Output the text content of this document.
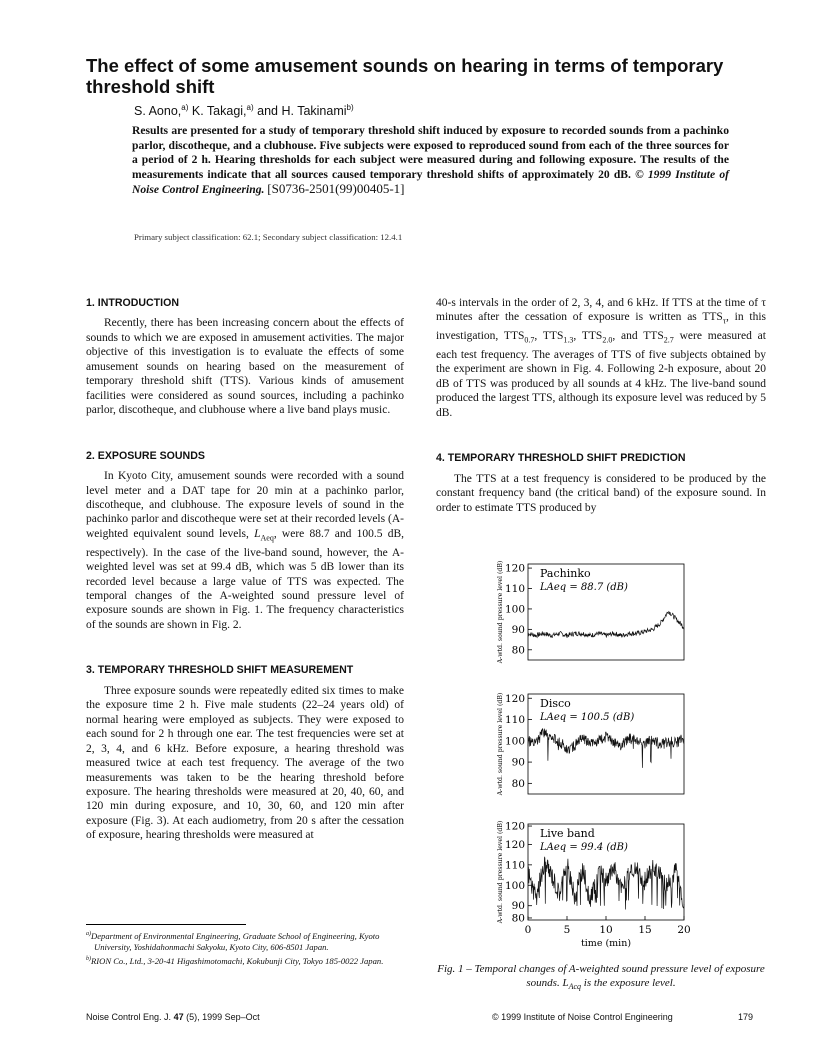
The effect of some amusement sounds on hearing in terms of temporary threshold shift
S. Aono,$^{a)}$ K. Takagi,$^{a)}$ and H. Takinami$^{b)}$
Results are presented for a study of temporary threshold shift induced by exposure to recorded sounds from a pachinko parlor, discotheque, and a clubhouse. Five subjects were exposed to reproduced sound from each of the three sources for a period of 2 h. Hearing thresholds for each subject were measured during and following exposure. The results of the measurements indicate that all sources caused temporary threshold shifts of approximately 20 dB. © 1999 Institute of Noise Control Engineering. [S0736-2501(99)00405-1]
Primary subject classification: 62.1; Secondary subject classification: 12.4.1
1. INTRODUCTION

Recently, there has been increasing concern about the effects of sounds to which we are exposed in amusement activities. The major objective of this investigation is to evaluate the effects of some amusement sounds on hearing based on the measurement of temporary threshold shift (TTS). Various kinds of amusement facilities were considered as sound sources, including a pachinko parlor, discotheque, and clubhouse where a live band plays music.

2. EXPOSURE SOUNDS

In Kyoto City, amusement sounds were recorded with a sound level meter and a DAT tape for 20 min at a pachinko parlor, discotheque, and clubhouse. The exposure levels of sound in the pachinko parlor and discotheque were set at their recorded levels (A-weighted equivalent sound levels, $L_{Aeq}$, were 88.7 and 100.5 dB, respectively). In the case of the live-band sound, however, the A-weighted level was set at 99.4 dB, which was 5 dB lower than its recorded level because a large value of TTS was expected. The temporal changes of the A-weighted sound pressure level of exposure sounds are shown in Fig. 1. The frequency characteristics of the sounds are shown in Fig. 2.

3. TEMPORARY THRESHOLD SHIFT MEASUREMENT

Three exposure sounds were repeatedly edited six times to make the exposure time 2 h. Five male students (22–24 years old) of normal hearing were employed as subjects. They were exposed to each sound for 2 h through one ear. The test frequencies were set at 2, 3, 4, and 6 kHz. Before exposure, a hearing threshold was measured twice at each test frequency. The average of the two measurements was taken to be the hearing threshold before exposure. The hearing thresholds were measured at 20, 40, 60, and 120 min during exposure, and 10, 30, 60, and 120 min after exposure (Fig. 3). At each audiometry, from 20 s after the cessation of exposure, hearing thresholds were measured at

40-s intervals in the order of 2, 3, 4, and 6 kHz. If TTS at the time of τ minutes after the cessation of exposure is written as $TTS_\tau$, in this investigation, $TTS_{0.7}$, $TTS_{1.3}$, $TTS_{2.0}$, and $TTS_{2.7}$ were measured at each test frequency. The averages of TTS of five subjects obtained by the experiment are shown in Fig. 4. Following 2-h exposure, about 20 dB of TTS was produced by all sounds at 4 kHz. The live-band sound produced the largest TTS, although its exposure level was reduced by 5 dB.

4. TEMPORARY THRESHOLD SHIFT PREDICTION

The TTS at a test frequency is considered to be produced by the constant frequency band (the critical band) of the exposure sound. In order to estimate TTS produced by

120
110
100
90
80
A-wtd. sound pressure level (dB)	Pachinko
LAeq = 88.7 (dB)
120
110
100
90
80
A-wtd. sound pressure level (dB)	Disco
LAeq = 100.5 (dB)
120
120
110
100
90
80
A-wtd. sound pressure level (dB)	Live band
LAeq = 99.4 (dB)
0	5	10 15 20
time (min)
Fig. 1 – Temporal changes of A-weighted sound pressure level of exposure sounds. $L_{Acq}$ is the exposure level.
$^{a)}$Department of Environmental Engineering, Graduate School of Engineering, Kyoto University, Yoshidahonmachi Sakyoku, Kyoto City, 606-8501 Japan.
$^{b)}$RION Co., Ltd., 3-20-41 Higashimotomachi, Kokubunji City, Tokyo 185-0022 Japan.
Noise Control Eng. J. 47 (5), 1999 Sep–Oct	© 1999 Institute of Noise Control Engineering	179
